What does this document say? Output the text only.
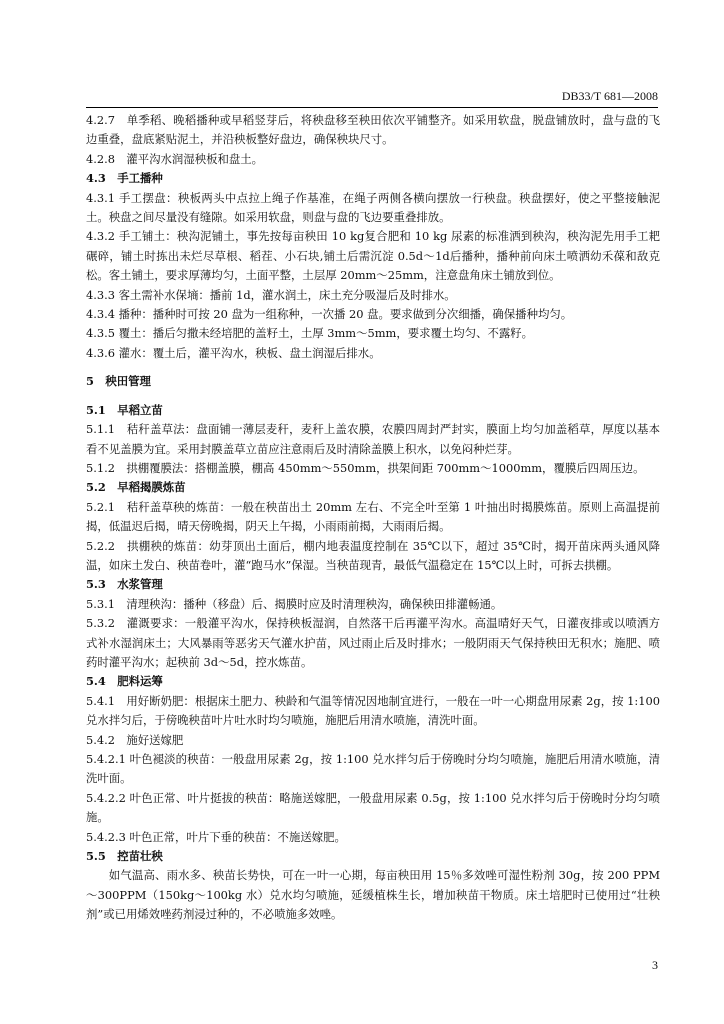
DB33/T 681—2008

4.2.7　单季稻、晚稻播种或早稻竖芽后，将秧盘移至秧田依次平铺整齐。如采用软盘，脱盘铺放时，盘与盘的飞边重叠，盘底紧贴泥土，并沿秧板整好盘边，确保秧块尺寸。

4.2.8　灌平沟水润湿秧板和盘土。

4.3　手工播种

4.3.1 手工摆盘：秧板两头中点拉上绳子作基准，在绳子两侧各横向摆放一行秧盘。秧盘摆好，使之平整接触泥土。秧盘之间尽量没有缝隙。如采用软盘，则盘与盘的飞边要重叠排放。

4.3.2 手工铺土：秧沟泥铺土，事先按每亩秧田 10 kg复合肥和 10 kg 尿素的标准洒到秧沟，秧沟泥先用手工耙碾碎，铺土时拣出未烂尽草根、稻茬、小石块,铺土后需沉淀 0.5d～1d后播种，播种前向床土喷洒幼禾葆和敌克松。客土铺土，要求厚薄均匀，土面平整，土层厚 20mm～25mm，注意盘角床土铺放到位。

4.3.3 客土需补水保墒：播前 1d，灌水润土，床土充分吸湿后及时排水。

4.3.4 播种：播种时可按 20 盘为一组称种，一次播 20 盘。要求做到分次细播，确保播种均匀。

4.3.5 覆土：播后匀撒未经培肥的盖籽土，土厚 3mm～5mm，要求覆土均匀、不露籽。

4.3.6 灌水：覆土后，灌平沟水，秧板、盘土润湿后排水。

5　秧田管理

5.1　早稻立苗

5.1.1　秸秆盖草法：盘面铺一薄层麦秆，麦秆上盖农膜，农膜四周封严封实，膜面上均匀加盖稻草，厚度以基本看不见盖膜为宜。采用封膜盖草立苗应注意雨后及时清除盖膜上积水，以免闷种烂芽。

5.1.2　拱棚覆膜法：搭棚盖膜，棚高 450mm～550mm，拱架间距 700mm～1000mm，覆膜后四周压边。

5.2　早稻揭膜炼苗

5.2.1　秸秆盖草秧的炼苗：一般在秧苗出土 20mm 左右、不完全叶至第 1 叶抽出时揭膜炼苗。原则上高温提前揭，低温迟后揭，晴天傍晚揭，阴天上午揭，小雨雨前揭，大雨雨后揭。

5.2.2　拱棚秧的炼苗：幼芽顶出土面后，棚内地表温度控制在 35℃以下，超过 35℃时，揭开苗床两头通风降温，如床土发白、秧苗卷叶，灌“跑马水”保湿。当秧苗现青，最低气温稳定在 15℃以上时，可拆去拱棚。

5.3　水浆管理

5.3.1　清理秧沟：播种（移盘）后、揭膜时应及时清理秧沟，确保秧田排灌畅通。

5.3.2　灌溉要求：一般灌平沟水，保持秧板湿润，自然落干后再灌平沟水。高温晴好天气，日灌夜排或以喷洒方式补水湿润床土；大风暴雨等恶劣天气灌水护苗，风过雨止后及时排水；一般阴雨天气保持秧田无积水；施肥、喷药时灌平沟水；起秧前 3d～5d，控水炼苗。

5.4　肥料运筹

5.4.1　用好断奶肥：根据床土肥力、秧龄和气温等情况因地制宜进行，一般在一叶一心期盘用尿素 2g，按 1:100 兑水拌匀后，于傍晚秧苗叶片吐水时均匀喷施，施肥后用清水喷施，清洗叶面。

5.4.2　施好送嫁肥

5.4.2.1 叶色褪淡的秧苗：一般盘用尿素 2g，按 1:100 兑水拌匀后于傍晚时分均匀喷施，施肥后用清水喷施，清洗叶面。

5.4.2.2 叶色正常、叶片挺拔的秧苗：略施送嫁肥，一般盘用尿素 0.5g，按 1:100 兑水拌匀后于傍晚时分均匀喷施。

5.4.2.3 叶色正常，叶片下垂的秧苗：不施送嫁肥。

5.5　控苗壮秧

如气温高、雨水多、秧苗长势快，可在一叶一心期，每亩秧田用 15％多效唑可湿性粉剂 30g，按 200 PPM～300PPM（150kg～100kg 水）兑水均匀喷施，延缓植株生长，增加秧苗干物质。床土培肥时已使用过“壮秧剂”或已用烯效唑药剂浸过种的，不必喷施多效唑。

3
